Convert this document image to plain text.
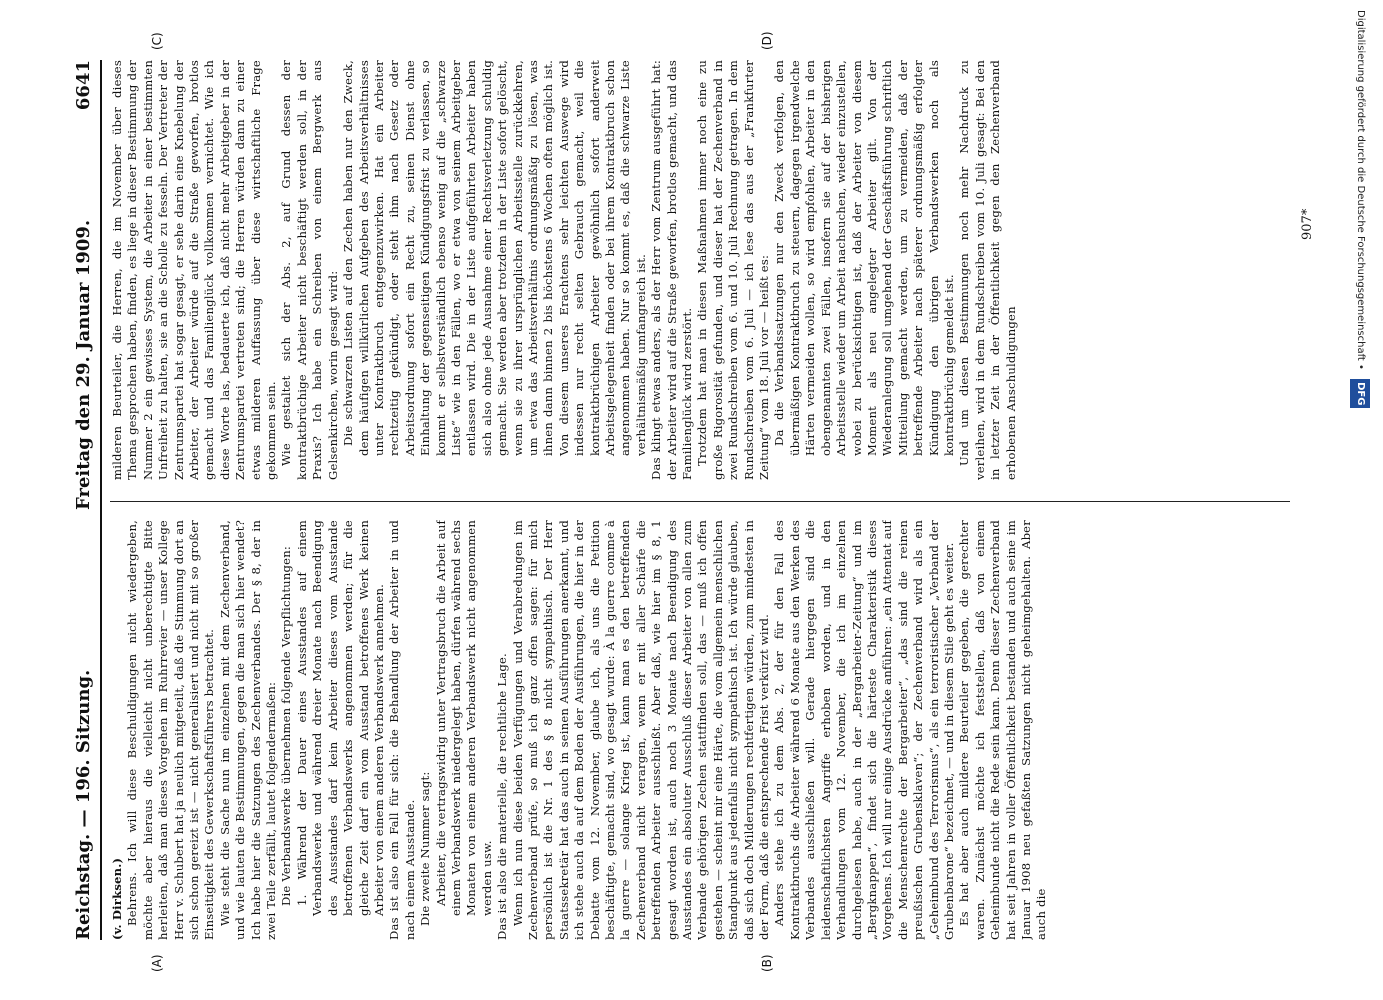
Reichstag. — 196. Sitzung.
Freitag den 29. Januar 1909.
6641

(v. Dirksen.) Behrens. Ich will diese Beschuldigungen nicht wiedergeben, möchte aber hieraus die vielleicht nicht unberechtigte Bitte herleiten, daß man dieses Vorgehen im Ruhrrevier — unser Kollege Herr v. Schubert hat ja neulich mitgeteilt, daß die Stimmung dort an sich schon gereizt ist — nicht generalisiert und nicht mit so großer Einseitigkeit des Gewerkschaftsführers betrachtet. Wie steht die Sache nun im einzelnen mit dem Zechenverband, und wie lauten die Bestimmungen, gegen die man sich hier wendet? Ich habe hier die Satzungen des Zechenverbandes. Der § 8, der in zwei Teile zerfällt, lautet folgendermaßen: Die Verbandswerke übernehmen folgende Verpflichtungen: 1. Während der Dauer eines Ausstandes auf einem Verbandswerke und während dreier Monate nach Beendigung des Ausstandes darf kein Arbeiter dieses vom Ausstande betroffenen Verbandswerks angenommen werden; für die gleiche Zeit darf ein vom Ausstand betroffenes Werk keinen Arbeiter von einem anderen Verbandswerk annehmen. Das ist also ein Fall für sich: die Behandlung der Arbeiter in und nach einem Ausstande. Die zweite Nummer sagt: Arbeiter, die vertragswidrig unter Vertragsbruch die Arbeit auf einem Verbandswerk niedergelegt haben, dürfen während sechs Monaten von einem anderen Verbandswerk nicht angenommen werden usw. Das ist also die materielle, die rechtliche Lage. Wenn ich nun diese beiden Verfügungen und Verabredungen im Zechenverband prüfe, so muß ich ganz offen sagen: für mich persönlich ist die Nr. 1 des § 8 nicht sympathisch. Der Herr Staatssekretär hat das auch in seinen Ausführungen anerkannt, und ich stehe auch da auf dem Boden der Ausführungen, die hier in der Debatte vom 12. November, glaube ich, als uns die Petition beschäftigte, gemacht sind, wo gesagt wurde: À la guerre comme à la guerre — solange Krieg ist, kann man es den betreffenden Zechenverband nicht verargen, wenn er mit aller Schärfe die betreffenden Arbeiter ausschließt. Aber daß, wie hier im § 8, 1 gesagt worden ist, auch noch 3 Monate nach Beendigung des Ausstandes ein absoluter Ausschluß dieser Arbeiter von allen zum Verbande gehörigen Zechen stattfinden soll, das — muß ich offen gestehen — scheint mir eine Härte, die vom allgemein menschlichen Standpunkt aus jedenfalls nicht sympathisch ist. Ich würde glauben, daß sich doch Milderungen rechtfertigen würden, zum mindesten in der Form, daß die entsprechende Frist verkürzt wird. Anders stehe ich zu dem Abs. 2, der für den Fall des Kontraktbruchs die Arbeiter während 6 Monate aus den Werken des Verbandes ausschließen will. Gerade hiergegen sind die leidenschaftlichsten Angriffe erhoben worden, und in den Verhandlungen vom 12. November, die ich im einzelnen durchgelesen habe, auch in der „Bergarbeiter-Zeitung“ und im „Bergknappen“, findet sich die härteste Charakteristik dieses Vorgehens. Ich will nur einige Ausdrücke anführen: „ein Attentat auf die Menschenrechte der Bergarbeiter“, „das sind die reinen preußischen Grubensklaven“; der Zechenverband wird als ein „Geheimbund des Terrorismus“, als ein terroristischer „Verband der Grubenbarone“ bezeichnet, — und in diesem Stile geht es weiter. Es hat aber auch mildere Beurteiler gegeben, die gerechter waren. Zunächst möchte ich feststellen, daß von einem Geheimbunde nicht die Rede sein kann. Denn dieser Zechenverband hat seit Jahren in voller Öffentlichkeit bestanden und auch seine im Januar 1908 neu gefaßten Satzungen nicht geheimgehalten. Aber auch die

milderen Beurteiler, die Herren, die im November über dieses Thema gesprochen haben, finden, es liege in dieser Bestimmung der Nummer 2 ein gewisses System, die Arbeiter in einer bestimmten Unfreiheit zu halten, sie an die Scholle zu fesseln. Der Vertreter der Zentrumspartei hat sogar gesagt, er sehe darin eine Knebelung der Arbeiter, der Arbeiter würde auf die Straße geworfen, brotlos gemacht und das Familienglück vollkommen vernichtet. Wie ich diese Worte las, bedauerte ich, daß nicht mehr Arbeitgeber in der Zentrumspartei vertreten sind; die Herren würden dann zu einer etwas milderen Auffassung über diese wirtschaftliche Frage gekommen sein. Wie gestaltet sich der Abs. 2, auf Grund dessen der kontraktbrüchige Arbeiter nicht beschäftigt werden soll, in der Praxis? Ich habe ein Schreiben von einem Bergwerk aus Gelsenkirchen, worin gesagt wird: Die schwarzen Listen auf den Zechen haben nur den Zweck, dem häufigen willkürlichen Aufgeben des Arbeitsverhältnisses unter Kontraktbruch entgegenzuwirken. Hat ein Arbeiter rechtzeitig gekündigt, oder steht ihm nach Gesetz oder Arbeitsordnung sofort ein Recht zu, seinen Dienst ohne Einhaltung der gegenseitigen Kündigungsfrist zu verlassen, so kommt er selbstverständlich ebenso wenig auf die „schwarze Liste“ wie in den Fällen, wo er etwa von seinem Arbeitgeber entlassen wird. Die in der Liste aufgeführten Arbeiter haben sich also ohne jede Ausnahme einer Rechtsverletzung schuldig gemacht. Sie werden aber trotzdem in der Liste sofort gelöscht, wenn sie zu ihrer ursprünglichen Arbeitsstelle zurückkehren, um etwa das Arbeitsverhältnis ordnungsmäßig zu lösen, was ihnen dann binnen 2 bis höchstens 6 Wochen often möglich ist. Von diesem unseres Erachtens sehr leichten Auswege wird indessen nur recht selten Gebrauch gemacht, weil die kontraktbrüchigen Arbeiter gewöhnlich sofort anderweit Arbeitsgelegenheit finden oder bei ihrem Kontraktbruch schon angenommen haben. Nur so kommt es, daß die schwarze Liste verhältnismäßig umfangreich ist. Das klingt etwas anders, als der Herr vom Zentrum ausgeführt hat: der Arbeiter wird auf die Straße geworfen, brotlos gemacht, und das Familienglück wird zerstört. Trotzdem hat man in diesen Maßnahmen immer noch eine zu große Rigorosität gefunden, und dieser hat der Zechenverband in zwei Rundschreiben vom 6. und 10. Juli Rechnung getragen. In dem Rundschreiben vom 6. Juli — ich lese das aus der „Frankfurter Zeitung“ vom 18. Juli vor — heißt es: Da die Verbandssatzungen nur den Zweck verfolgen, den übermäßigen Kontraktbruch zu steuern, dagegen irgendwelche Härten vermeiden wollen, so wird empfohlen, Arbeiter in den obengenannten zwei Fällen, insofern sie auf der bisherigen Arbeitsstelle wieder um Arbeit nachsuchen, wieder einzustellen, wobei zu berücksichtigen ist, daß der Arbeiter von diesem Moment als neu angelegter Arbeiter gilt. Von der Wiederanlegung soll umgehend der Geschäftsführung schriftlich Mitteilung gemacht werden, um zu vermeiden, daß der betreffende Arbeiter nach späterer ordnungsmäßig erfolgter Kündigung den übrigen Verbandswerken noch als kontraktbrüchig gemeldet ist. Und um diesen Bestimmungen noch mehr Nachdruck zu verleihen, wird in dem Rundschreiben vom 10. Juli gesagt: Bei den in letzter Zeit in der Öffentlichkeit gegen den Zechenverband erhobenen Anschuldigungen

(A)	(B)
(C)	(D)
907*	Digitalisierung gefördert durch die Deutsche Forschungsgemeinschaft • DFG
